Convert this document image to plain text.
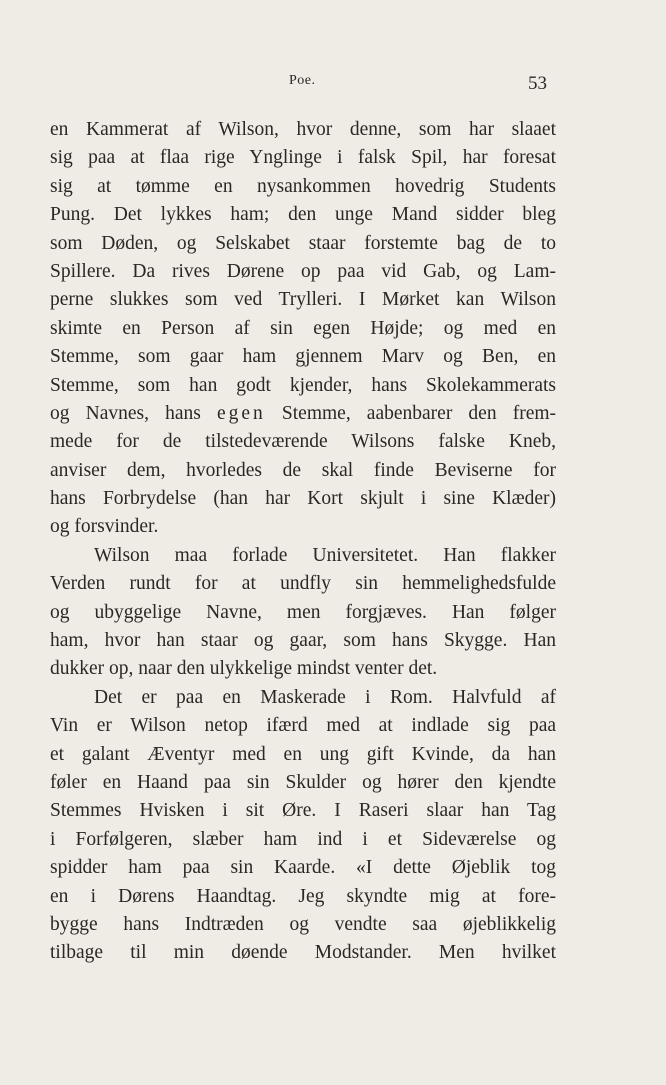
Poe.	53
en Kammerat af Wilson, hvor denne, som har slaaet
sig paa at flaa rige Ynglinge i falsk Spil, har foresat
sig at tømme en nysankommen hovedrig Students
Pung. Det lykkes ham; den unge Mand sidder bleg
som Døden, og Selskabet staar forstemte bag de to
Spillere. Da rives Dørene op paa vid Gab, og Lam-
perne slukkes som ved Trylleri. I Mørket kan Wilson
skimte en Person af sin egen Højde; og med en
Stemme, som gaar ham gjennem Marv og Ben, en
Stemme, som han godt kjender, hans Skolekammerats
og Navnes, hans egen Stemme, aabenbarer den frem-
mede for de tilstedeværende Wilsons falske Kneb,
anviser dem, hvorledes de skal finde Beviserne for
hans Forbrydelse (han har Kort skjult i sine Klæder)
og forsvinder.
Wilson maa forlade Universitetet. Han flakker
Verden rundt for at undfly sin hemmelighedsfulde
og ubyggelige Navne, men forgjæves. Han følger
ham, hvor han staar og gaar, som hans Skygge. Han
dukker op, naar den ulykkelige mindst venter det.
Det er paa en Maskerade i Rom. Halvfuld af
Vin er Wilson netop ifærd med at indlade sig paa
et galant Æventyr med en ung gift Kvinde, da han
føler en Haand paa sin Skulder og hører den kjendte
Stemmes Hvisken i sit Øre. I Raseri slaar han Tag
i Forfølgeren, slæber ham ind i et Sideværelse og
spidder ham paa sin Kaarde. «I dette Øjeblik tog
en i Dørens Haandtag. Jeg skyndte mig at fore-
bygge hans Indtræden og vendte saa øjeblikkelig
tilbage til min døende Modstander. Men hvilket
